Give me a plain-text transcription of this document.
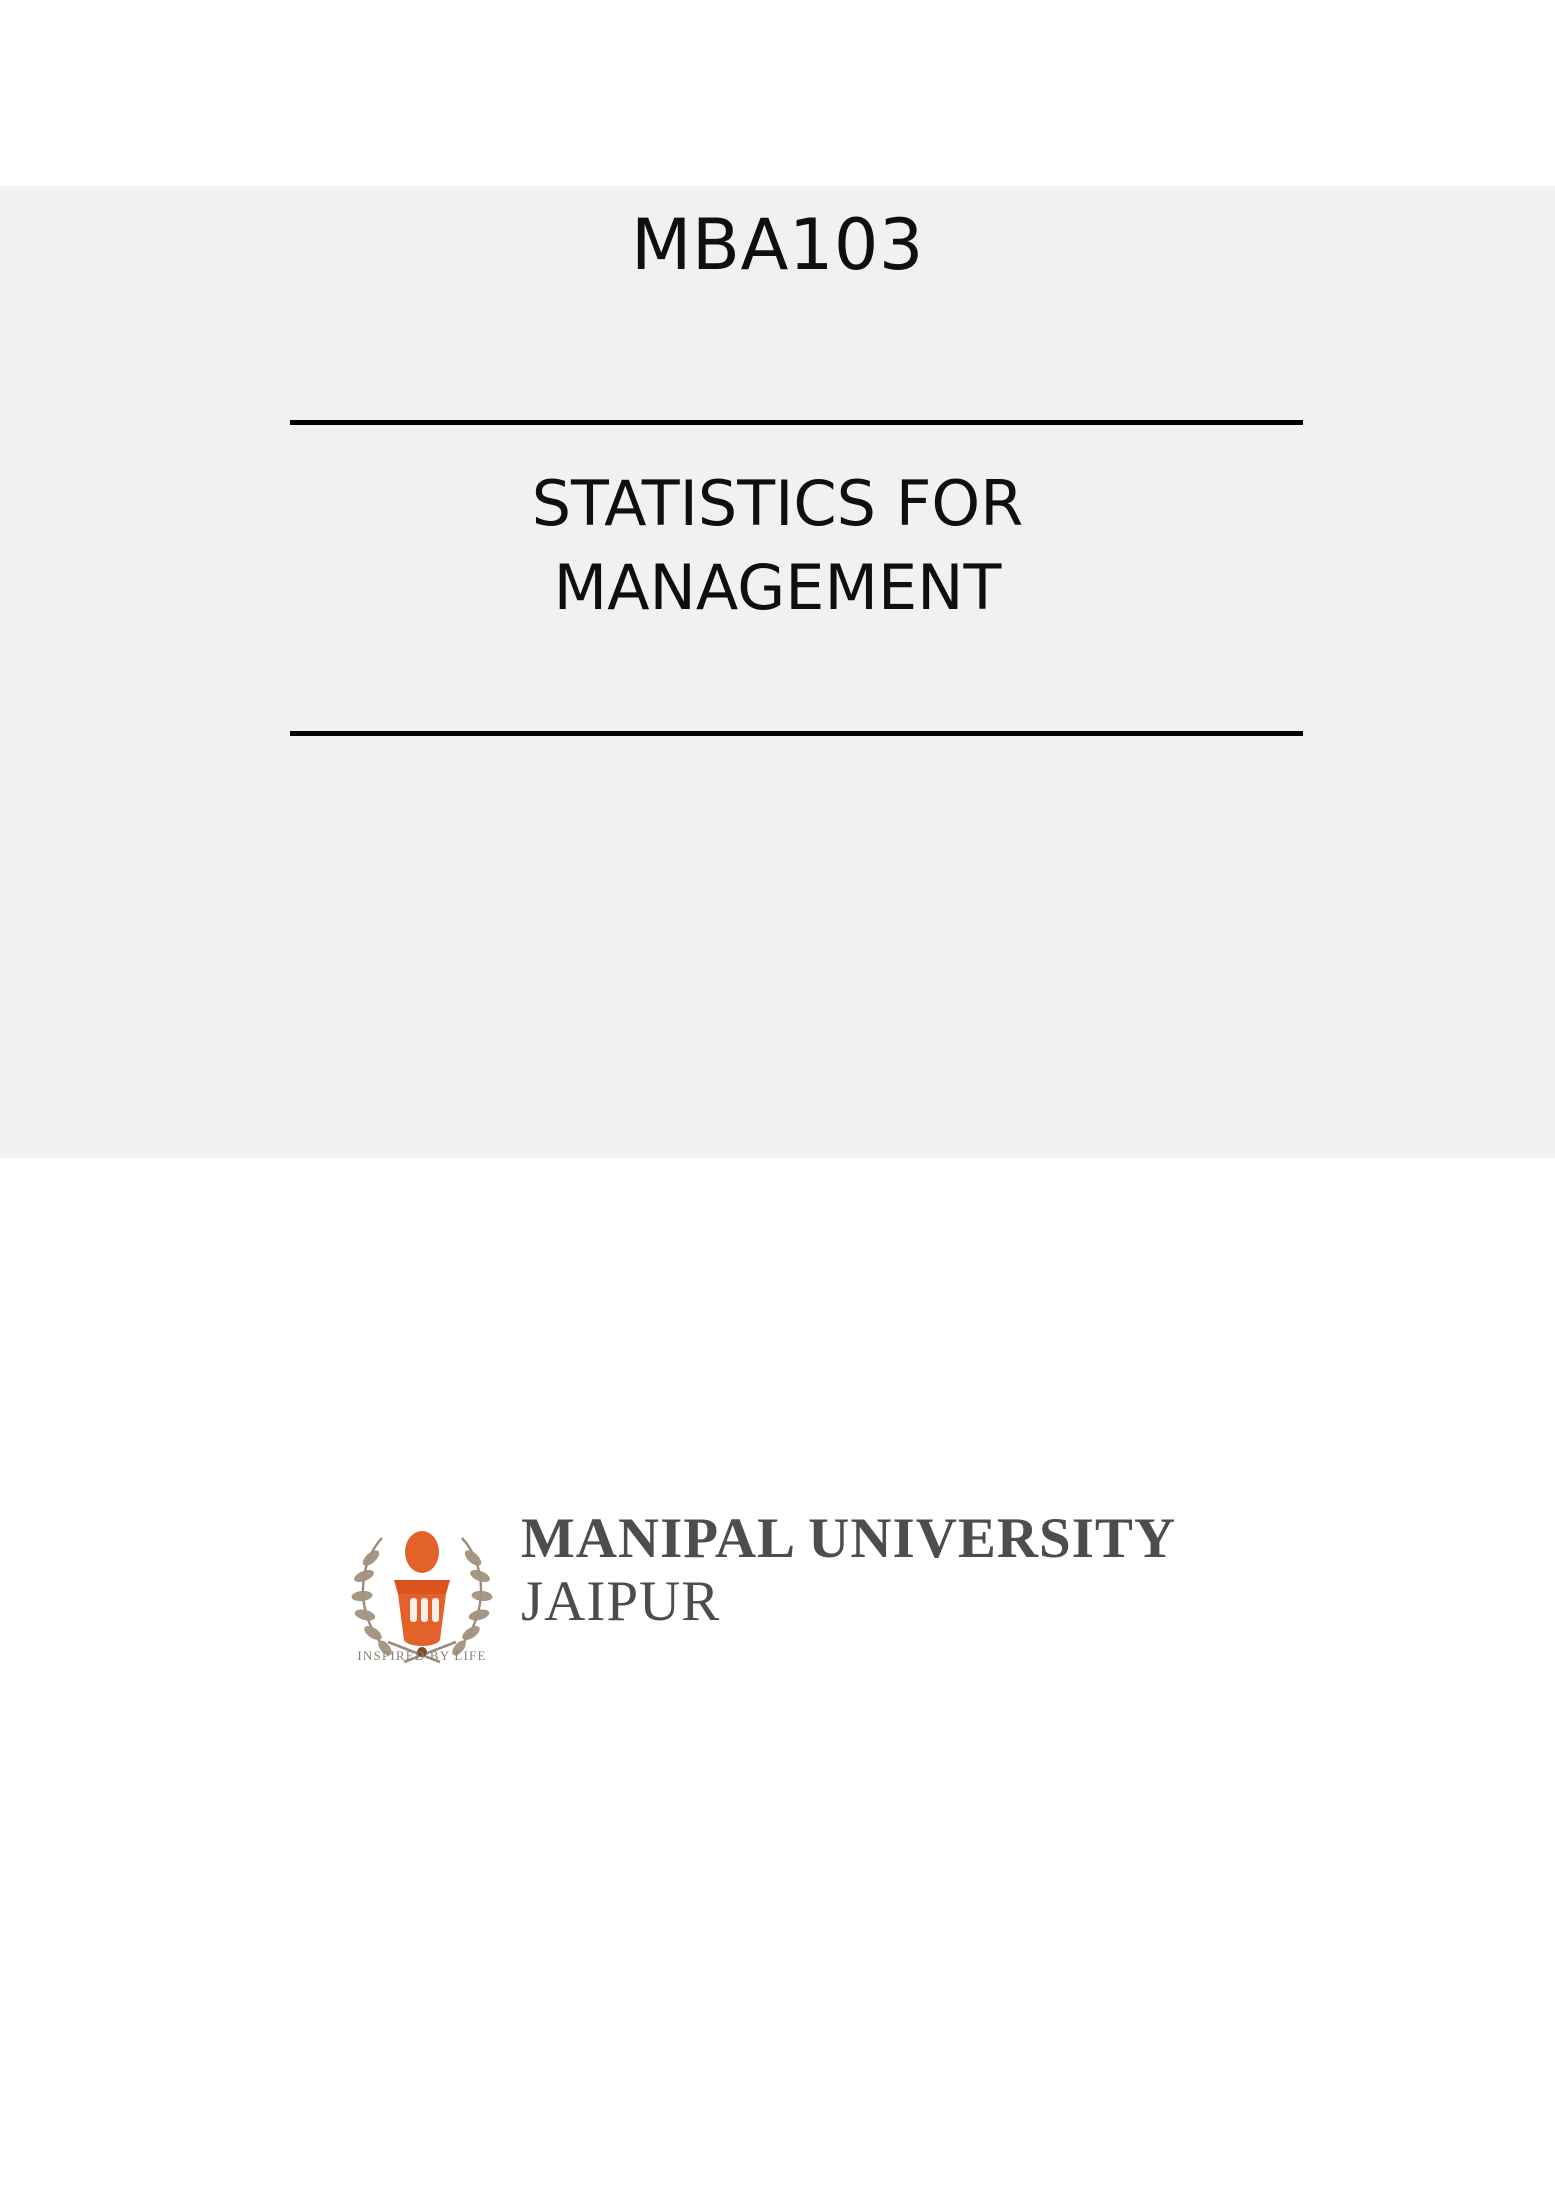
MBA103
STATISTICS FOR
MANAGEMENT
INSPIRED BY LIFE
MANIPAL UNIVERSITY
JAIPUR
